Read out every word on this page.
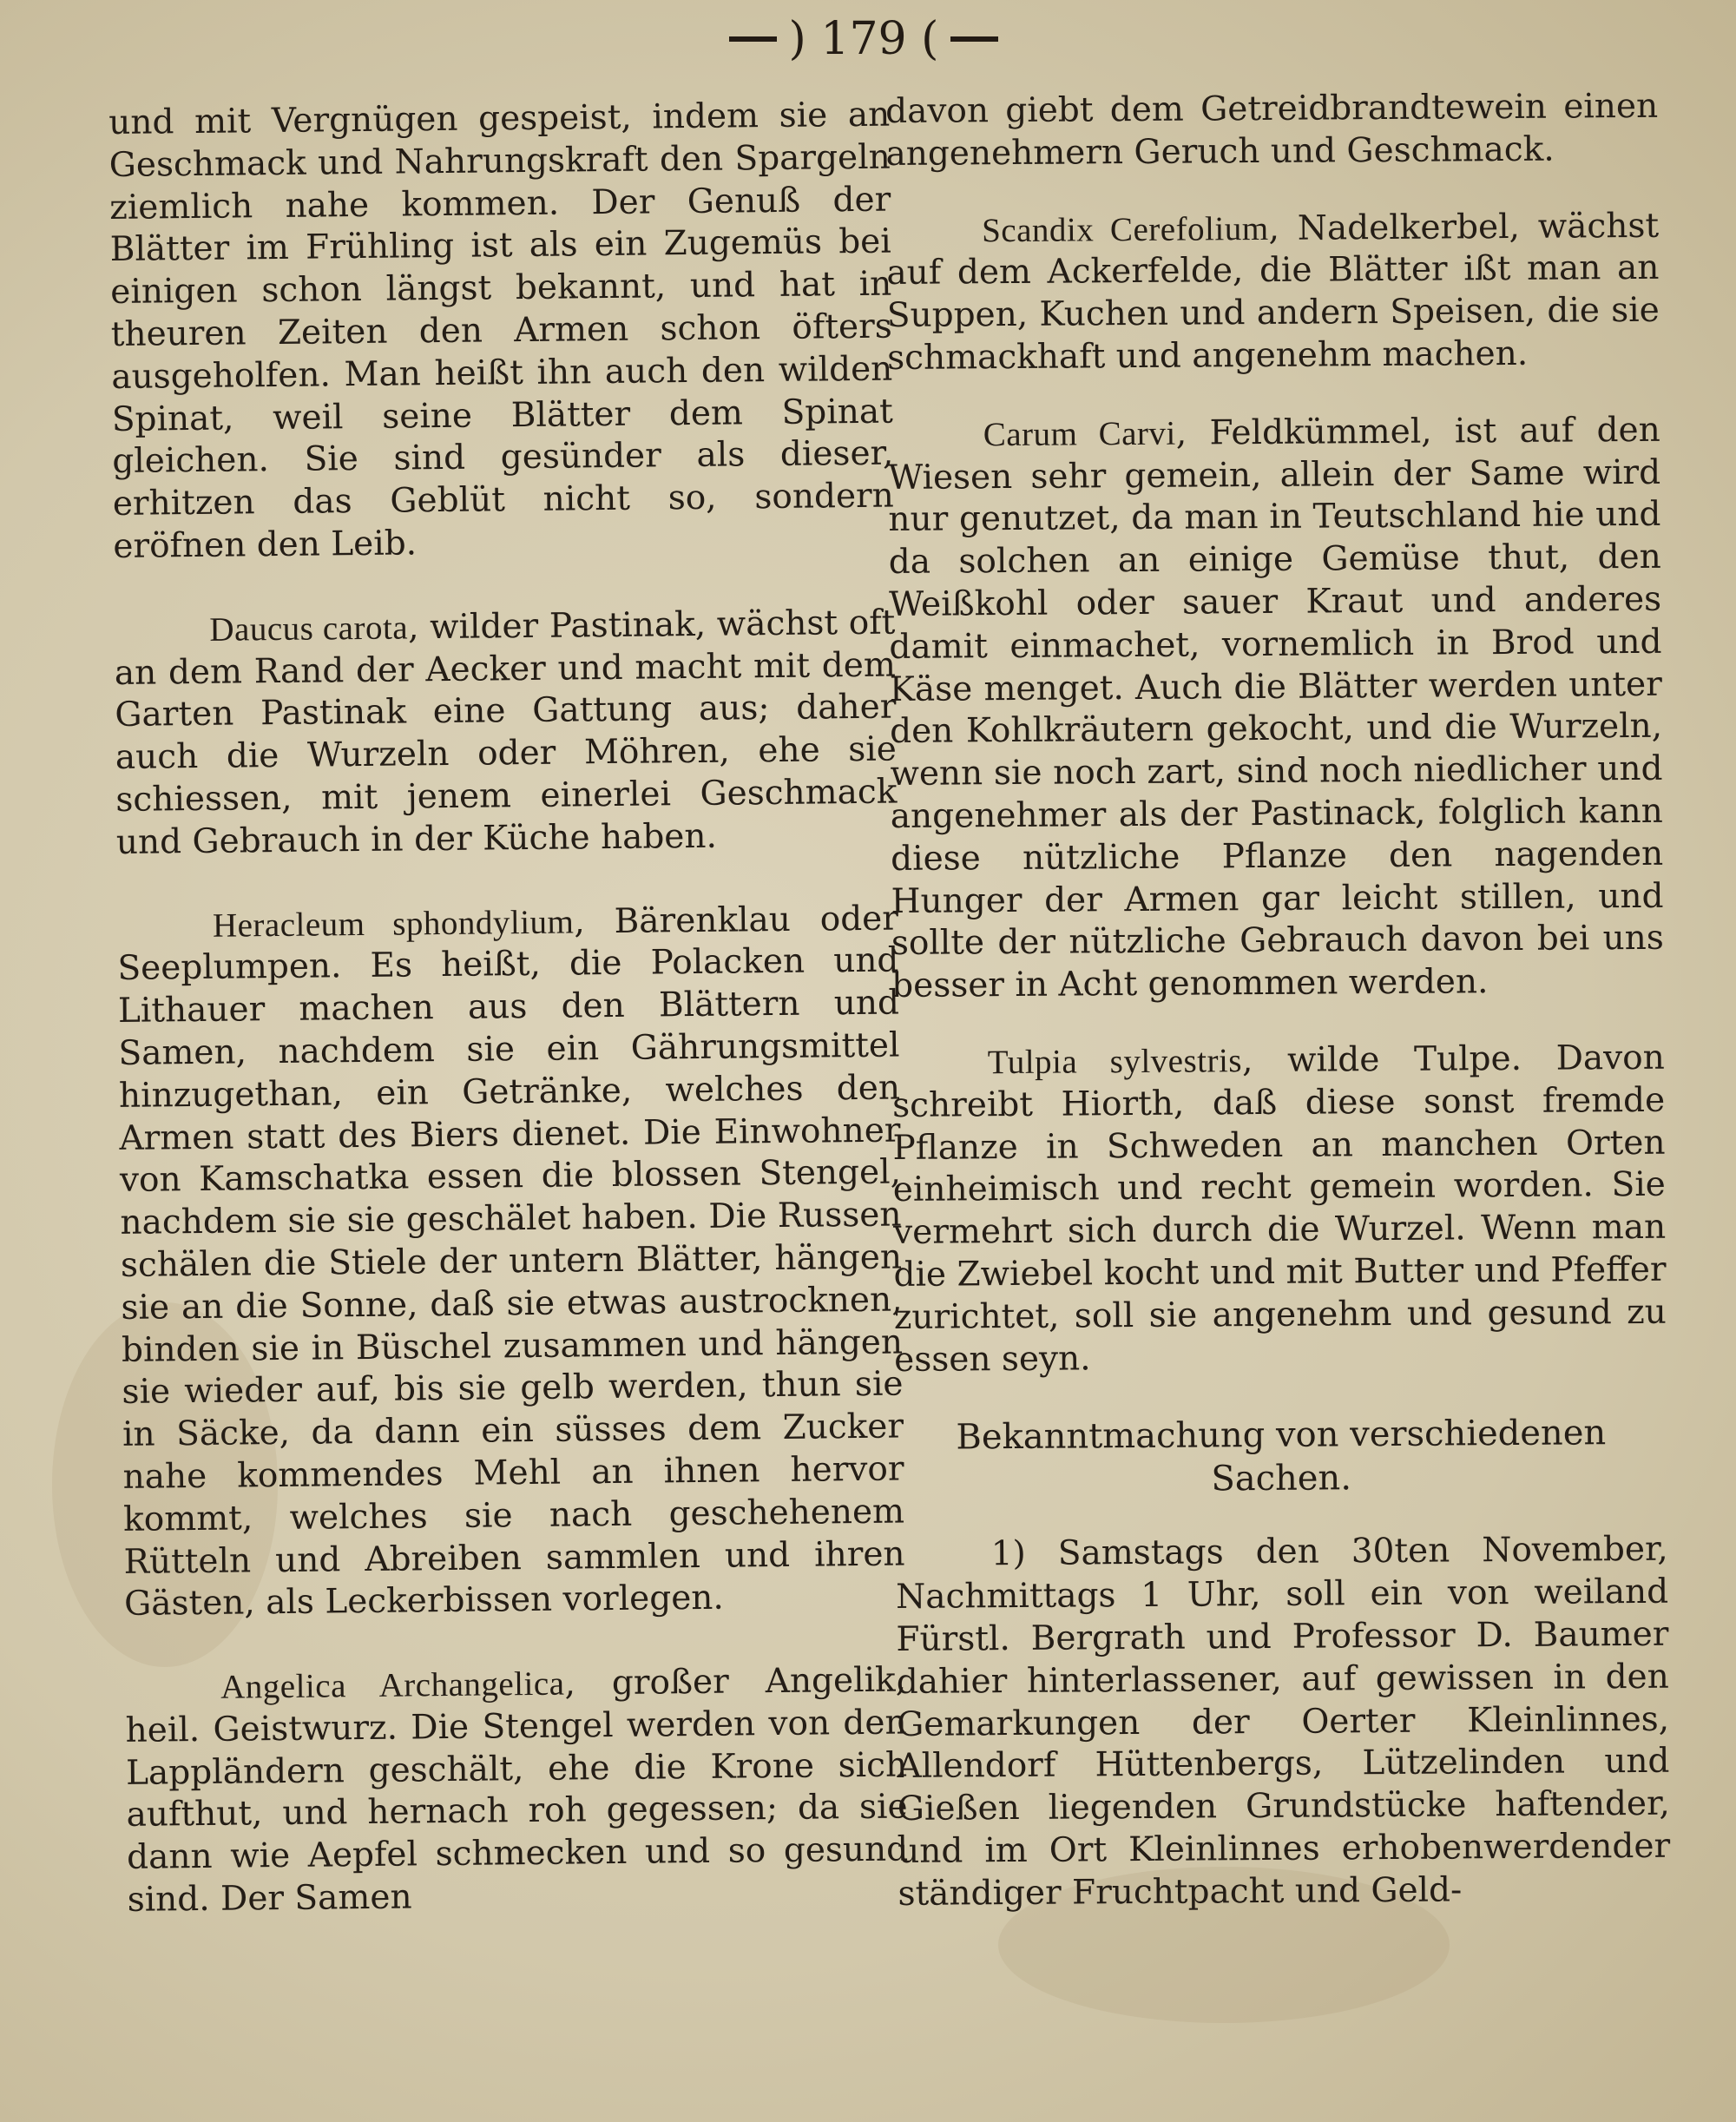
) 179 (

und mit Vergnügen gespeist, indem sie an Geschmack und Nahrungskraft den Spargeln ziemlich nahe kommen. Der Genuß der Blätter im Frühling ist als ein Zugemüs bei einigen schon längst bekannt, und hat in theuren Zeiten den Armen schon öfters ausgeholfen. Man heißt ihn auch den wilden Spinat, weil seine Blätter dem Spinat gleichen. Sie sind gesünder als dieser, erhitzen das Geblüt nicht so, sondern eröfnen den Leib.

Daucus carota, wilder Pastinak, wächst oft an dem Rand der Aecker und macht mit dem Garten Pastinak eine Gattung aus; daher auch die Wurzeln oder Möhren, ehe sie schiessen, mit jenem einerlei Geschmack und Gebrauch in der Küche haben.

Heracleum sphondylium, Bärenklau oder Seeplumpen. Es heißt, die Polacken und Lithauer machen aus den Blättern und Samen, nachdem sie ein Gährungsmittel hinzugethan, ein Getränke, welches den Armen statt des Biers dienet. Die Einwohner von Kamschatka essen die blossen Stengel, nachdem sie sie geschälet haben. Die Russen schälen die Stiele der untern Blätter, hängen sie an die Sonne, daß sie etwas austrocknen, binden sie in Büschel zusammen und hängen sie wieder auf, bis sie gelb werden, thun sie in Säcke, da dann ein süsses dem Zucker nahe kommendes Mehl an ihnen hervor kommt, welches sie nach geschehenem Rütteln und Abreiben sammlen und ihren Gästen, als Leckerbissen vorlegen.

Angelica Archangelica, großer Angelik, heil. Geistwurz. Die Stengel werden von den Lappländern geschält, ehe die Krone sich aufthut, und hernach roh gegessen; da sie dann wie Aepfel schmecken und so gesund sind. Der Samen

davon giebt dem Getreidbrandtewein einen angenehmern Geruch und Geschmack.

Scandix Cerefolium, Nadelkerbel, wächst auf dem Ackerfelde, die Blätter ißt man an Suppen, Kuchen und andern Speisen, die sie schmackhaft und angenehm machen.

Carum Carvi, Feldkümmel, ist auf den Wiesen sehr gemein, allein der Same wird nur genutzet, da man in Teutschland hie und da solchen an einige Gemüse thut, den Weißkohl oder sauer Kraut und anderes damit einmachet, vornemlich in Brod und Käse menget. Auch die Blätter werden unter den Kohlkräutern gekocht, und die Wurzeln, wenn sie noch zart, sind noch niedlicher und angenehmer als der Pastinack, folglich kann diese nützliche Pflanze den nagenden Hunger der Armen gar leicht stillen, und sollte der nützliche Gebrauch davon bei uns besser in Acht genommen werden.

Tulpia sylvestris, wilde Tulpe. Davon schreibt Hiorth, daß diese sonst fremde Pflanze in Schweden an manchen Orten einheimisch und recht gemein worden. Sie vermehrt sich durch die Wurzel. Wenn man die Zwiebel kocht und mit Butter und Pfeffer zurichtet, soll sie angenehm und gesund zu essen seyn.

Bekanntmachung von verschiedenen Sachen.

1) Samstags den 30ten November, Nachmittags 1 Uhr, soll ein von weiland Fürstl. Bergrath und Professor D. Baumer dahier hinterlassener, auf gewissen in den Gemarkungen der Oerter Kleinlinnes, Allendorf Hüttenbergs, Lützelinden und Gießen liegenden Grundstücke haftender, und im Ort Kleinlinnes erhobenwerdender ständiger Fruchtpacht und Geld-
